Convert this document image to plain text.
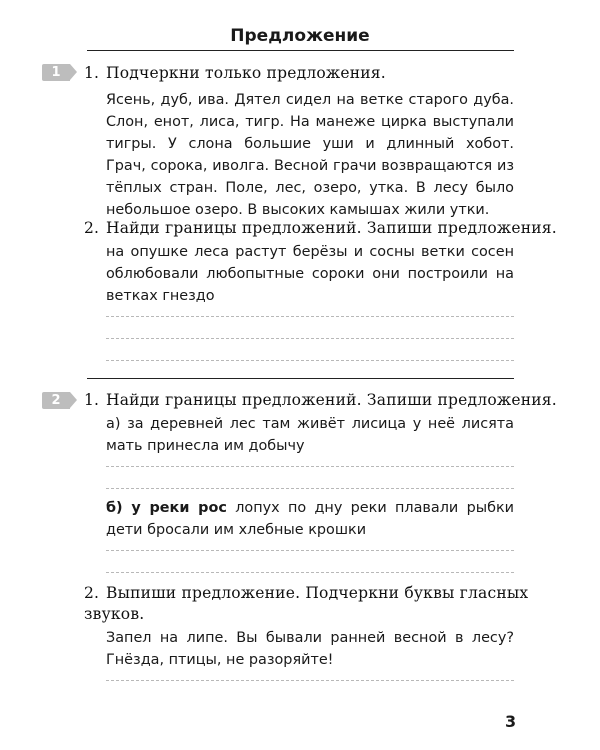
Предложение
1	1. Подчеркни только предложения.
Ясень, дуб, ива. Дятел сидел на ветке старого дуба.
Слон, енот, лиса, тигр. На манеже цирка выступали
тигры. У слона большие уши и длинный хобот.
Грач, сорока, иволга. Весной грачи возвращаются из
тёплых стран. Поле, лес, озеро, утка. В лесу было
небольшое озеро. В высоких камышах жили утки.
2. Найди границы предложений. Запиши предложения.
на опушке леса растут берёзы и сосны ветки сосен
облюбовали любопытные сороки они построили на
ветках гнездо
2	1. Найди границы предложений. Запиши предложения.
а) за деревней лес там живёт лисица у неё лисята
мать принесла им добычу
б) у реки рос лопух по дну реки плавали рыбки
дети бросали им хлебные крошки
2. Выпиши предложение. Подчеркни буквы гласных
звуков.
Запел на липе. Вы бывали ранней весной в лесу?
Гнёзда, птицы, не разоряйте!
3
